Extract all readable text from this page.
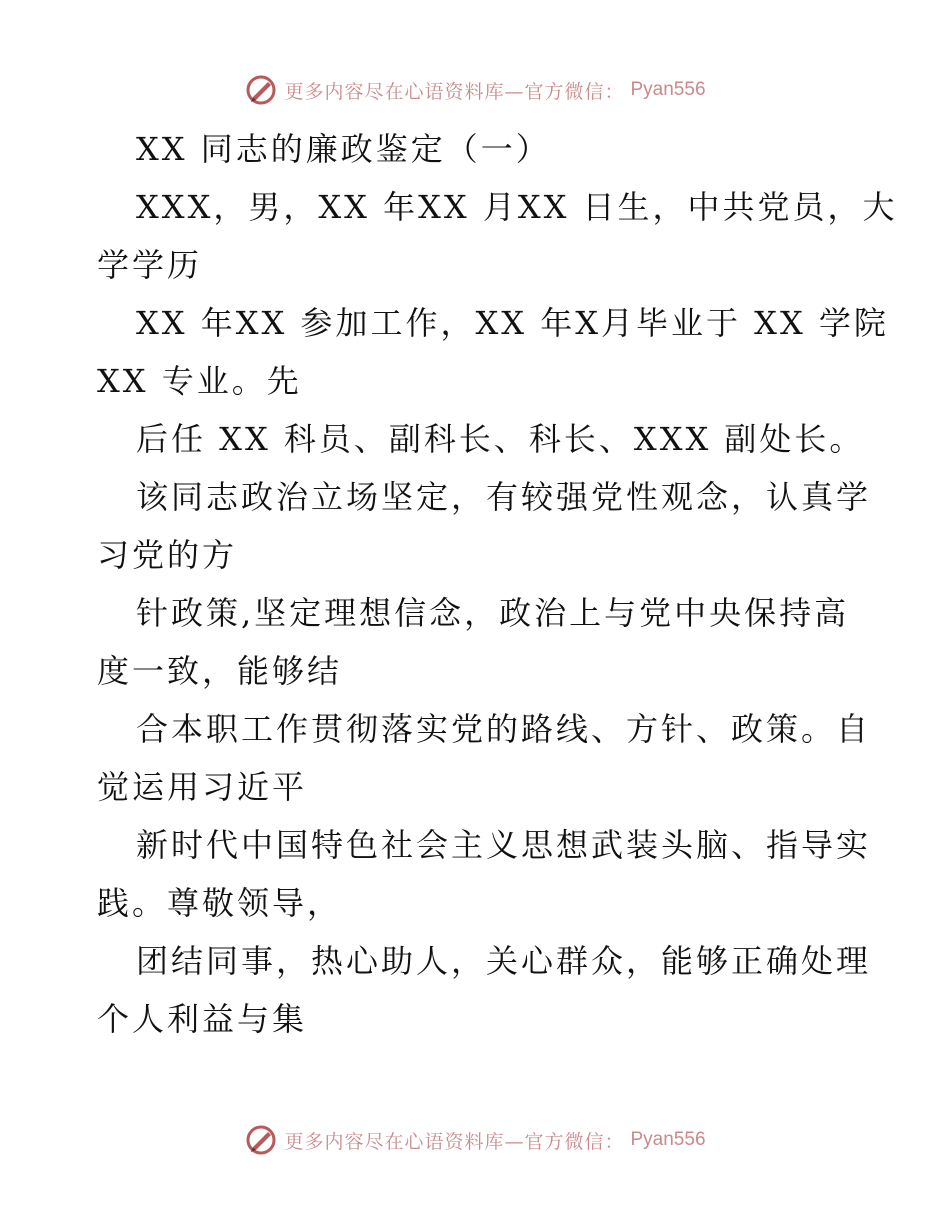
更多内容尽在心语资料库—官方微信： Pyan556
XX 同志的廉政鉴定（一）
XXX，男，XX 年XX 月XX 日生，中共党员，大
学学历
XX 年XX 参加工作，XX 年X月毕业于 XX 学院
XX 专业。先
后任 XX 科员、副科长、科长、XXX 副处长。
该同志政治立场坚定，有较强党性观念，认真学
习党的方
针政策,坚定理想信念，政治上与党中央保持高
度一致，能够结
合本职工作贯彻落实党的路线、方针、政策。自
觉运用习近平
新时代中国特色社会主义思想武装头脑、指导实
践。尊敬领导，
团结同事，热心助人，关心群众，能够正确处理
个人利益与集
更多内容尽在心语资料库—官方微信： Pyan556
